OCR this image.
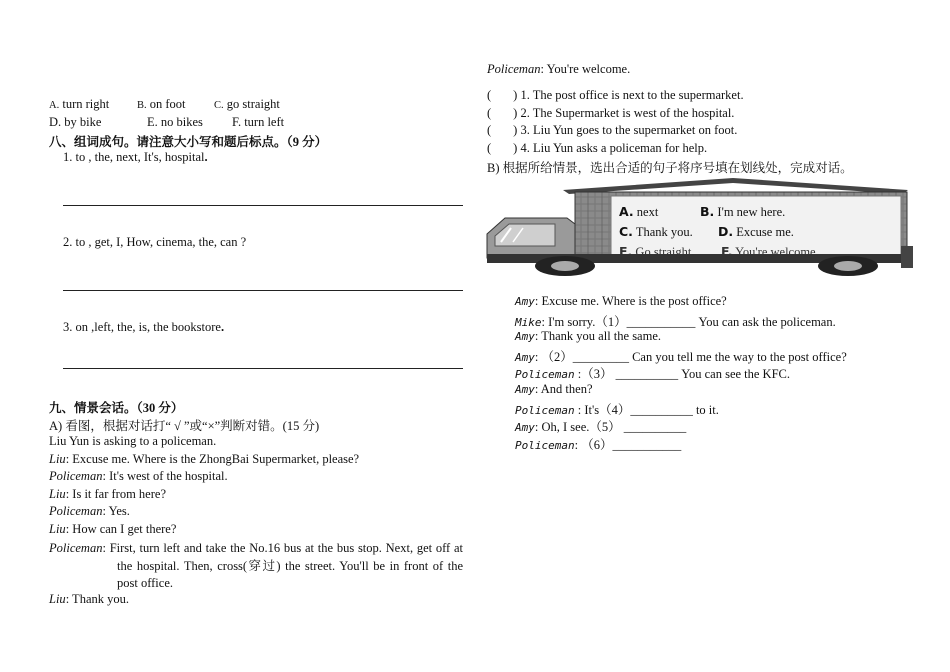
A. turn right	B. on foot	C. go straight
D. by bike	E. no bikes F. turn left
八、组词成句。请注意大小写和题后标点。（9 分）
1. to , the, next, It's, hospital.
2. to , get, I, How, cinema, the, can ?
3. on ,left, the, is, the bookstore.
九、情景会话。（30 分）
A) 看图，根据对话打“ √ ”或“×”判断对错。(15 分)
Liu Yun is asking to a policeman.
Liu: Excuse me. Where is the ZhongBai Supermarket, please?
Policeman: It's west of the hospital.
Liu: Is it far from here?
Policeman: Yes.
Liu: How can I get there?
Policeman: First, turn left and take the No.16 bus at the bus stop. Next, get off at the hospital. Then, cross(穿过) the street. You'll be in front of the post office.
Liu: Thank you.
Policeman: You're welcome.
( ) 1. The post office is next to the supermarket.
( ) 2. The Supermarket is west of the hospital.
( ) 3. Liu Yun goes to the supermarket on foot.
( ) 4. Liu Yun asks a policeman for help.
B) 根据所给情景，选出合适的句子将序号填在划线处，完成对话。
A. next	B. I'm new here.
C. Thank you. D. Excuse me.
E. Go straight. F. You're welcome.
Amy: Excuse me. Where is the post office?
Mike: I'm sorry.（1）___________ You can ask the policeman.
Amy: Thank you all the same.
Amy: （2）_________ Can you tell me the way to the post office?
Policeman :（3） __________ You can see the KFC.
Amy: And then?
Policeman : It's（4）__________ to it.
Amy: Oh, I see.（5） __________
Policeman: （6）___________
